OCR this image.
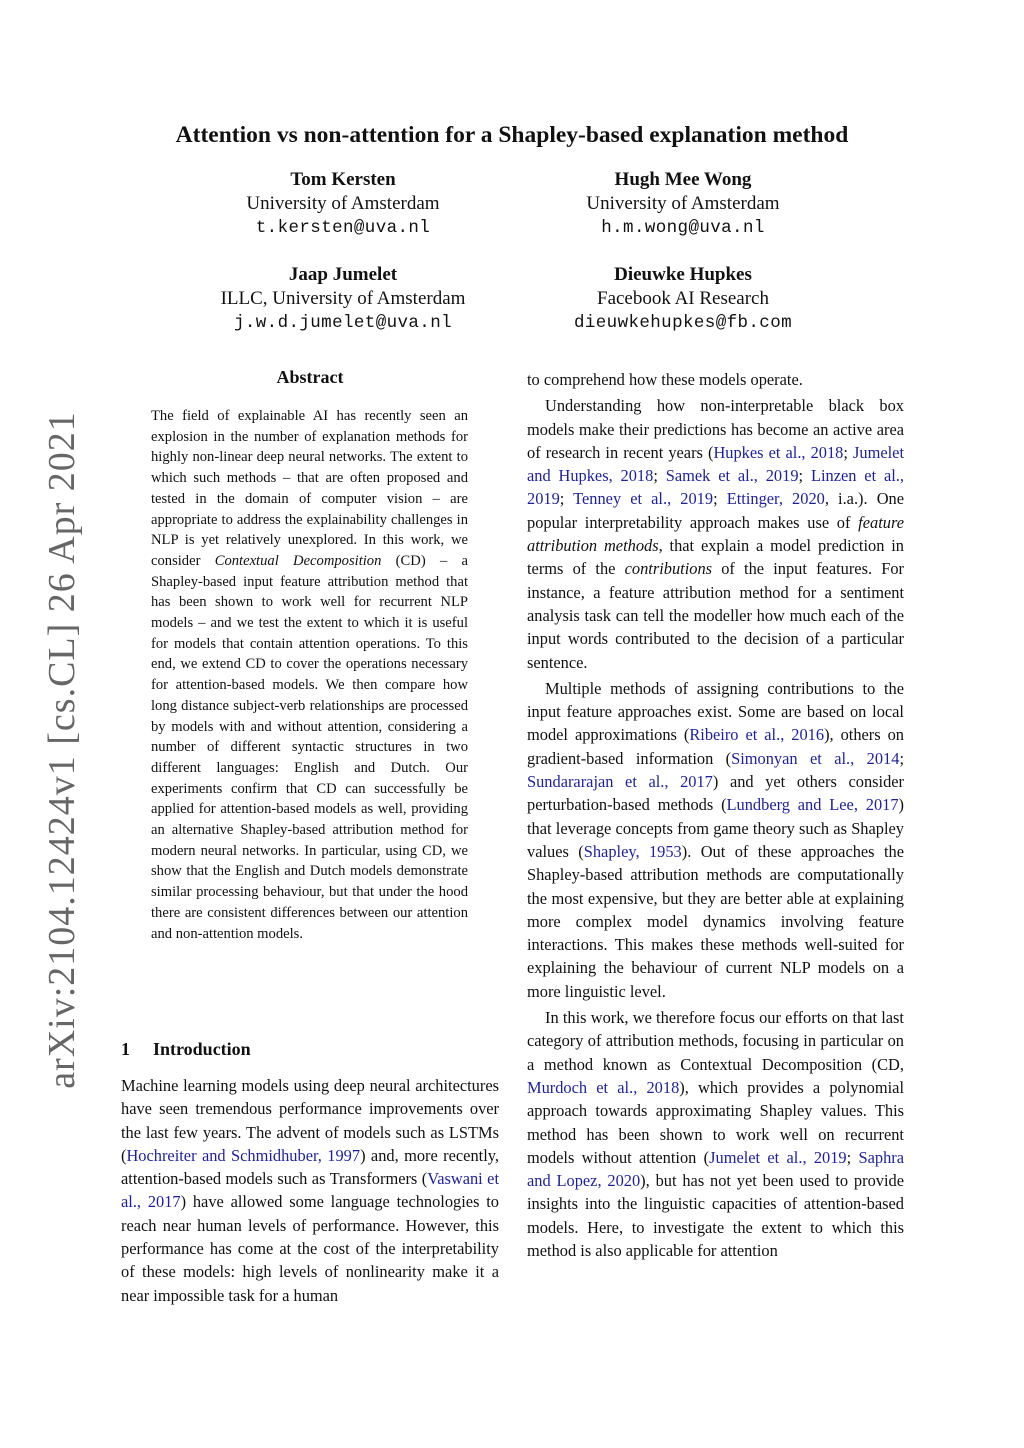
arXiv:2104.12424v1 [cs.CL] 26 Apr 2021
Attention vs non-attention for a Shapley-based explanation method
Tom Kersten
University of Amsterdam
t.kersten@uva.nl
Hugh Mee Wong
University of Amsterdam
h.m.wong@uva.nl
Jaap Jumelet
ILLC, University of Amsterdam
j.w.d.jumelet@uva.nl
Dieuwke Hupkes
Facebook AI Research
dieuwkehupkes@fb.com
Abstract
The field of explainable AI has recently seen an explosion in the number of explanation methods for highly non-linear deep neural networks. The extent to which such methods – that are often proposed and tested in the domain of computer vision – are appropriate to address the explainability challenges in NLP is yet relatively unexplored. In this work, we consider Contextual Decomposition (CD) – a Shapley-based input feature attribution method that has been shown to work well for recurrent NLP models – and we test the extent to which it is useful for models that contain attention operations. To this end, we extend CD to cover the operations necessary for attention-based models. We then compare how long distance subject-verb relationships are processed by models with and without attention, considering a number of different syntactic structures in two different languages: English and Dutch. Our experiments confirm that CD can successfully be applied for attention-based models as well, providing an alternative Shapley-based attribution method for modern neural networks. In particular, using CD, we show that the English and Dutch models demonstrate similar processing behaviour, but that under the hood there are consistent differences between our attention and non-attention models.
1 Introduction
Machine learning models using deep neural architectures have seen tremendous performance improvements over the last few years. The advent of models such as LSTMs (Hochreiter and Schmidhuber, 1997) and, more recently, attention-based models such as Transformers (Vaswani et al., 2017) have allowed some language technologies to reach near human levels of performance. However, this performance has come at the cost of the interpretability of these models: high levels of nonlinearity make it a near impossible task for a human

to comprehend how these models operate.

Understanding how non-interpretable black box models make their predictions has become an active area of research in recent years (Hupkes et al., 2018; Jumelet and Hupkes, 2018; Samek et al., 2019; Linzen et al., 2019; Tenney et al., 2019; Ettinger, 2020, i.a.). One popular interpretability approach makes use of feature attribution methods, that explain a model prediction in terms of the contributions of the input features. For instance, a feature attribution method for a sentiment analysis task can tell the modeller how much each of the input words contributed to the decision of a particular sentence.

Multiple methods of assigning contributions to the input feature approaches exist. Some are based on local model approximations (Ribeiro et al., 2016), others on gradient-based information (Simonyan et al., 2014; Sundararajan et al., 2017) and yet others consider perturbation-based methods (Lundberg and Lee, 2017) that leverage concepts from game theory such as Shapley values (Shapley, 1953). Out of these approaches the Shapley-based attribution methods are computationally the most expensive, but they are better able at explaining more complex model dynamics involving feature interactions. This makes these methods well-suited for explaining the behaviour of current NLP models on a more linguistic level.

In this work, we therefore focus our efforts on that last category of attribution methods, focusing in particular on a method known as Contextual Decomposition (CD, Murdoch et al., 2018), which provides a polynomial approach towards approximating Shapley values. This method has been shown to work well on recurrent models without attention (Jumelet et al., 2019; Saphra and Lopez, 2020), but has not yet been used to provide insights into the linguistic capacities of attention-based models. Here, to investigate the extent to which this method is also applicable for attention
